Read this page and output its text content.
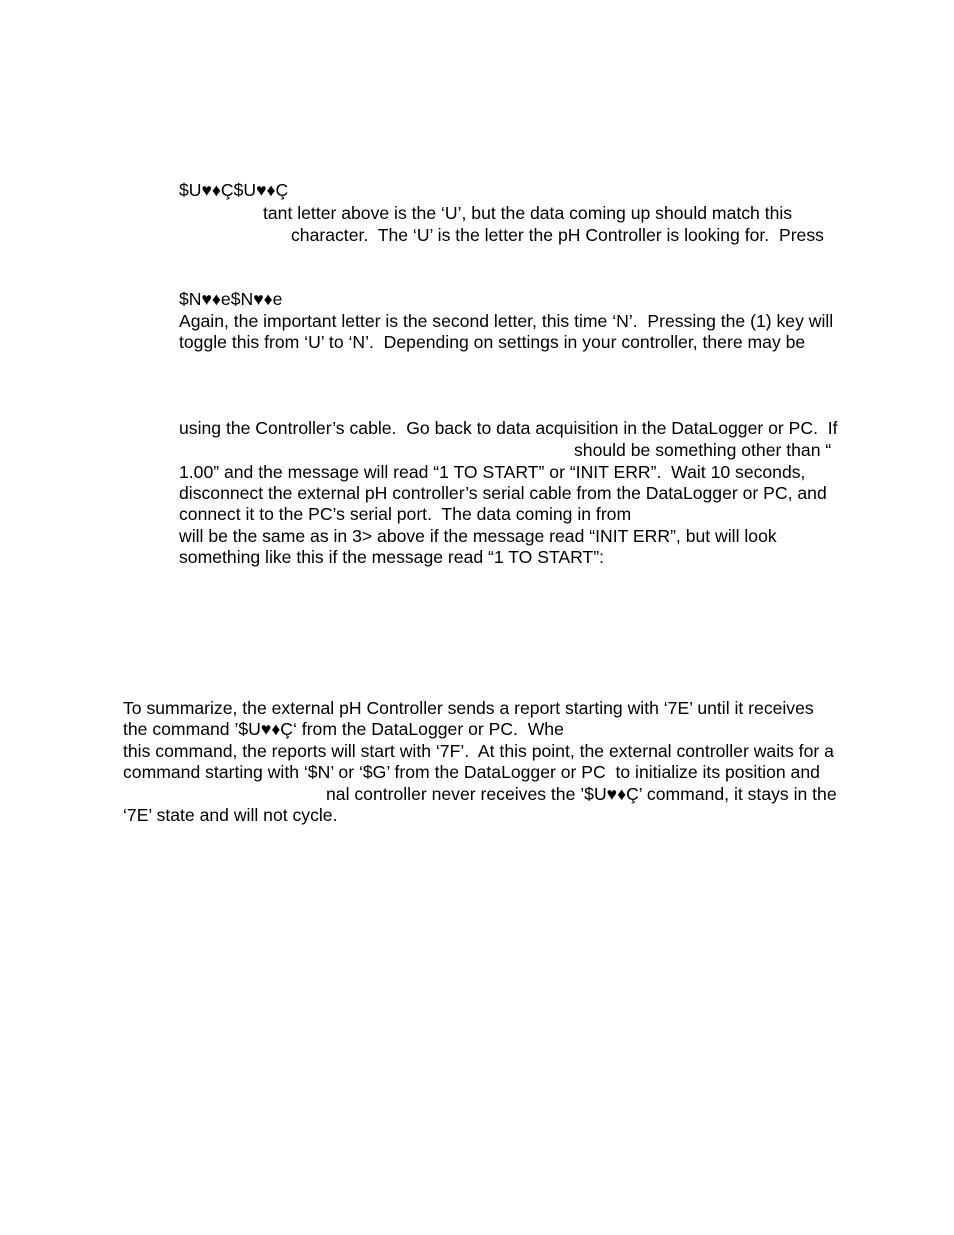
$U♥♦Ç$U♥♦Ç

tant letter above is the ‘U’, but the data coming up should match this

character.  The ‘U’ is the letter the pH Controller is looking for.  Press

$N♥♦e$N♥♦e

Again, the important letter is the second letter, this time ‘N’.  Pressing the (1) key will

toggle this from ‘U’ to ‘N’.  Depending on settings in your controller, there may be

using the Controller’s cable.  Go back to data acquisition in the DataLogger or PC.  If

should be something other than “

1.00” and the message will read “1 TO START” or “INIT ERR”.  Wait 10 seconds,

disconnect the external pH controller’s serial cable from the DataLogger or PC, and

connect it to the PC’s serial port.  The data coming in from

will be the same as in 3> above if the message read “INIT ERR”, but will look

something like this if the message read “1 TO START”:

To summarize, the external pH Controller sends a report starting with ‘7E’ until it receives

the command ’$U♥♦Ç‘ from the DataLogger or PC.  Whe

this command, the reports will start with ‘7F’.  At this point, the external controller waits for a

command starting with ‘$N’ or ‘$G’ from the DataLogger or PC  to initialize its position and

nal controller never receives the ’$U♥♦Ç’ command, it stays in the

‘7E’ state and will not cycle.
